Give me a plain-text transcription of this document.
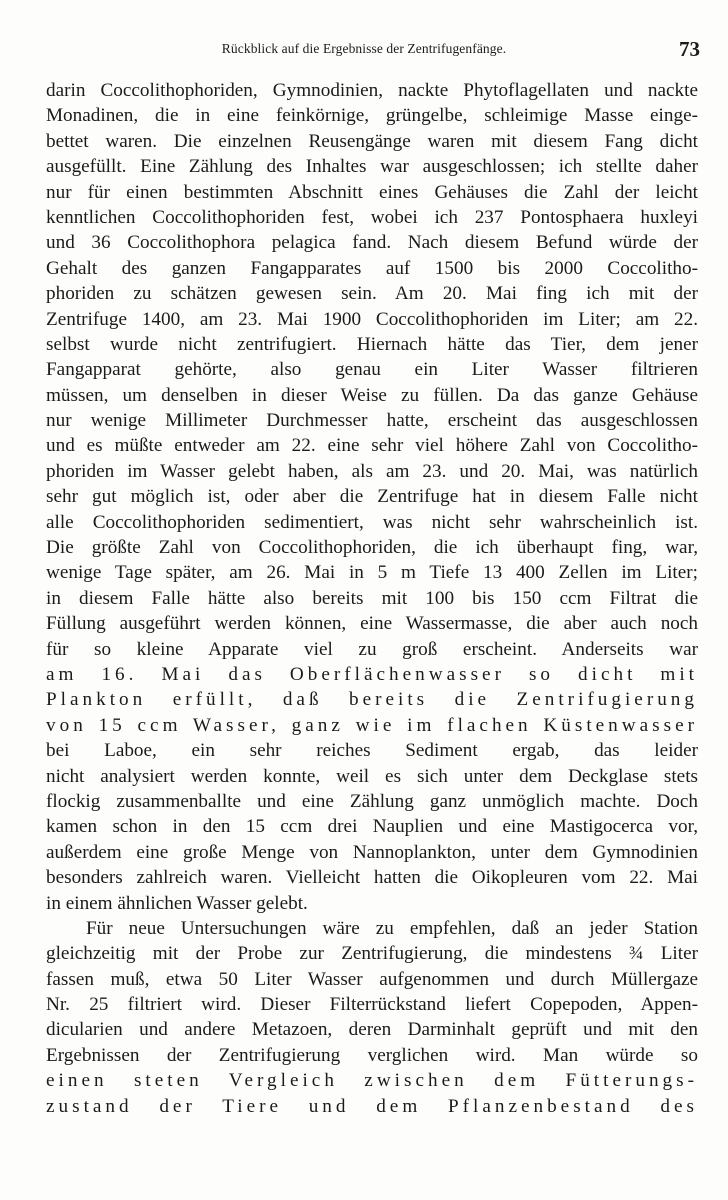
Rückblick auf die Ergebnisse der Zentrifugenfänge.	73
darin Coccolithophoriden, Gymnodinien, nackte Phytoflagellaten und nackte
Monadinen, die in eine feinkörnige, grüngelbe, schleimige Masse einge-
bettet waren. Die einzelnen Reusengänge waren mit diesem Fang dicht
ausgefüllt. Eine Zählung des Inhaltes war ausgeschlossen; ich stellte daher
nur für einen bestimmten Abschnitt eines Gehäuses die Zahl der leicht
kenntlichen Coccolithophoriden fest, wobei ich 237 Pontosphaera huxleyi
und 36 Coccolithophora pelagica fand. Nach diesem Befund würde der
Gehalt des ganzen Fangapparates auf 1500 bis 2000 Coccolitho-
phoriden zu schätzen gewesen sein. Am 20. Mai fing ich mit der
Zentrifuge 1400, am 23. Mai 1900 Coccolithophoriden im Liter; am 22.
selbst wurde nicht zentrifugiert. Hiernach hätte das Tier, dem jener
Fangapparat gehörte, also genau ein Liter Wasser filtrieren
müssen, um denselben in dieser Weise zu füllen. Da das ganze Gehäuse
nur wenige Millimeter Durchmesser hatte, erscheint das ausgeschlossen
und es müßte entweder am 22. eine sehr viel höhere Zahl von Coccolitho-
phoriden im Wasser gelebt haben, als am 23. und 20. Mai, was natürlich
sehr gut möglich ist, oder aber die Zentrifuge hat in diesem Falle nicht
alle Coccolithophoriden sedimentiert, was nicht sehr wahrscheinlich ist.
Die größte Zahl von Coccolithophoriden, die ich überhaupt fing, war,
wenige Tage später, am 26. Mai in 5 m Tiefe 13 400 Zellen im Liter;
in diesem Falle hätte also bereits mit 100 bis 150 ccm Filtrat die
Füllung ausgeführt werden können, eine Wassermasse, die aber auch noch
für so kleine Apparate viel zu groß erscheint. Anderseits war
am 16. Mai das Oberflächenwasser so dicht mit
Plankton erfüllt, daß bereits die Zentrifugierung
von 15 ccm Wasser, ganz wie im flachen Küstenwasser
bei Laboe, ein sehr reiches Sediment ergab, das leider
nicht analysiert werden konnte, weil es sich unter dem Deckglase stets
flockig zusammenballte und eine Zählung ganz unmöglich machte. Doch
kamen schon in den 15 ccm drei Nauplien und eine Mastigocerca vor,
außerdem eine große Menge von Nannoplankton, unter dem Gymnodinien
besonders zahlreich waren. Vielleicht hatten die Oikopleuren vom 22. Mai
in einem ähnlichen Wasser gelebt.
Für neue Untersuchungen wäre zu empfehlen, daß an jeder Station
gleichzeitig mit der Probe zur Zentrifugierung, die mindestens ¾ Liter
fassen muß, etwa 50 Liter Wasser aufgenommen und durch Müllergaze
Nr. 25 filtriert wird. Dieser Filterrückstand liefert Copepoden, Appen-
dicularien und andere Metazoen, deren Darminhalt geprüft und mit den
Ergebnissen der Zentrifugierung verglichen wird. Man würde so
einen steten Vergleich zwischen dem Fütterungs-
zustand der Tiere und dem Pflanzenbestand des
